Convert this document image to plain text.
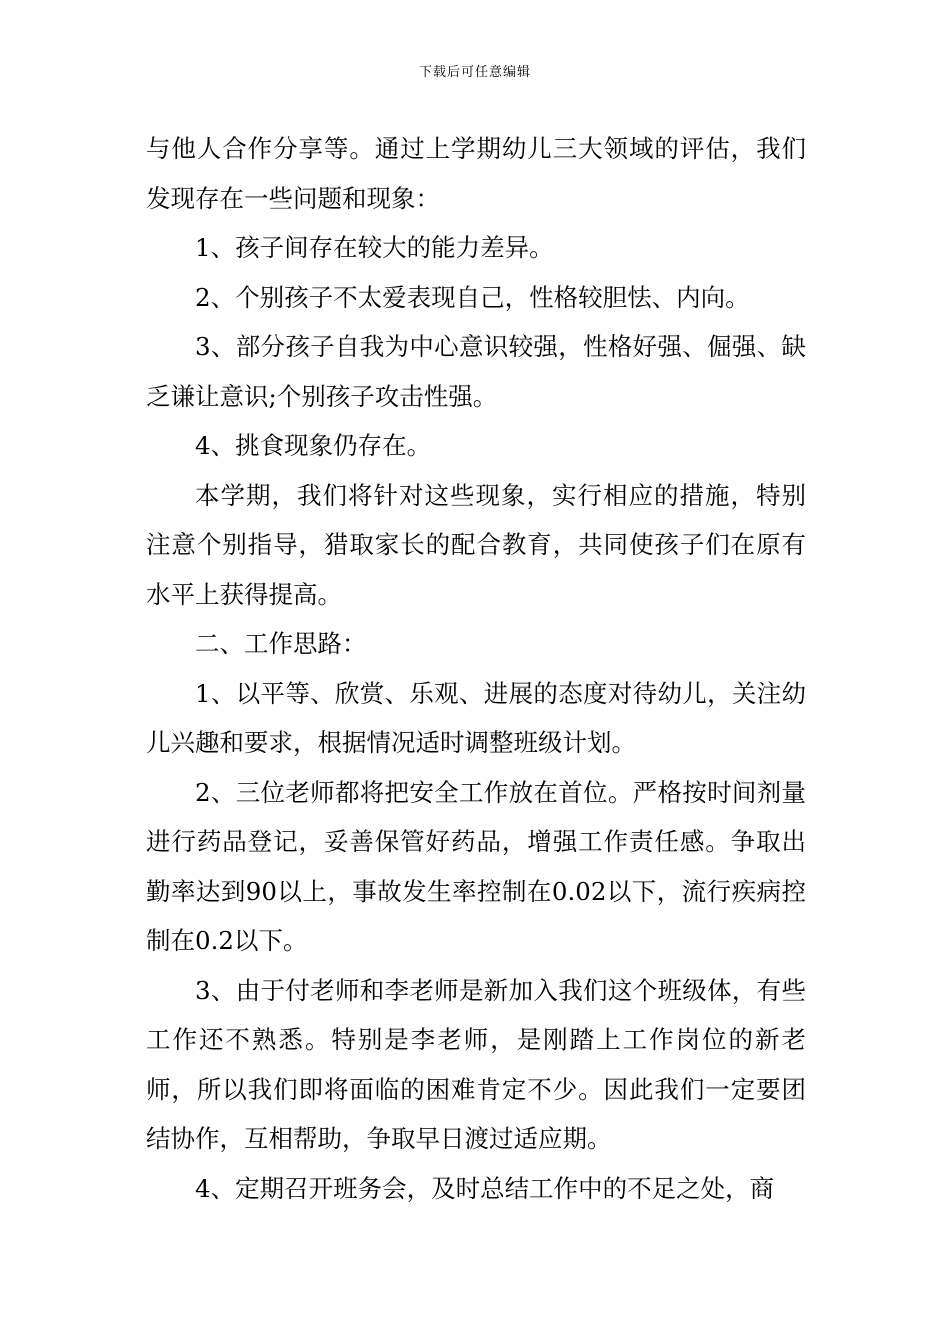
下载后可任意编辑

与他人合作分享等。通过上学期幼儿三大领域的评估，我们发现存在一些问题和现象：

1、孩子间存在较大的能力差异。

2、个别孩子不太爱表现自己，性格较胆怯、内向。

3、部分孩子自我为中心意识较强，性格好强、倔强、缺乏谦让意识;个别孩子攻击性强。

4、挑食现象仍存在。

本学期，我们将针对这些现象，实行相应的措施，特别注意个别指导，猎取家长的配合教育，共同使孩子们在原有水平上获得提高。

二、工作思路：

1、以平等、欣赏、乐观、进展的态度对待幼儿，关注幼儿兴趣和要求，根据情况适时调整班级计划。

2、三位老师都将把安全工作放在首位。严格按时间剂量进行药品登记，妥善保管好药品，增强工作责任感。争取出勤率达到90以上，事故发生率控制在0.02以下，流行疾病控制在0.2以下。

3、由于付老师和李老师是新加入我们这个班级体，有些工作还不熟悉。特别是李老师，是刚踏上工作岗位的新老师，所以我们即将面临的困难肯定不少。因此我们一定要团结协作，互相帮助，争取早日渡过适应期。

4、定期召开班务会，及时总结工作中的不足之处，商
